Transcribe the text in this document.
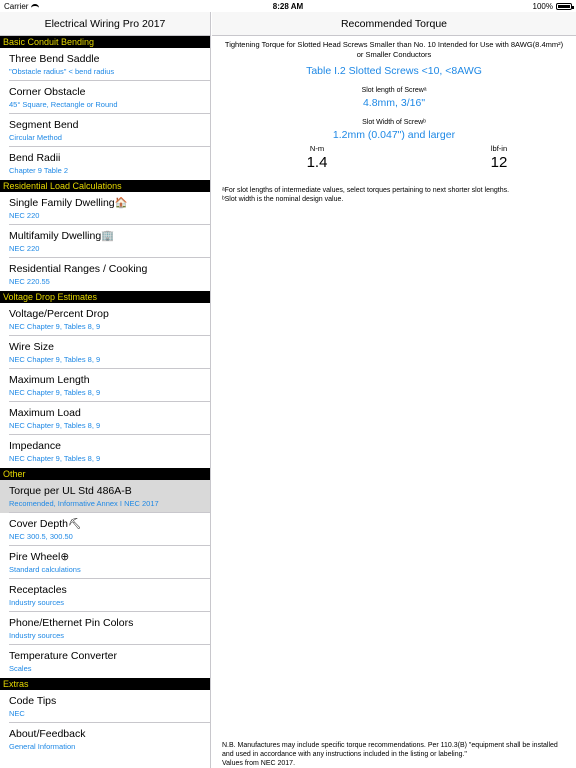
Carrier	8:28 AM	100%
Electrical Wiring Pro 2017
Basic Conduit Bending
Three Bend Saddle
"Obstacle radius" < bend radius
Corner Obstacle
45° Square, Rectangle or Round
Segment Bend
Circular Method
Bend Radii
Chapter 9 Table 2
Residential Load Calculations
Single Family Dwelling🏠
NEC 220
Multifamily Dwelling🏢
NEC 220
Residential Ranges / Cooking
NEC 220.55
Voltage Drop Estimates
Voltage/Percent Drop
NEC Chapter 9, Tables 8, 9
Wire Size
NEC Chapter 9, Tables 8, 9
Maximum Length
NEC Chapter 9, Tables 8, 9
Maximum Load
NEC Chapter 9, Tables 8, 9
Impedance
NEC Chapter 9, Tables 8, 9
Other
Torque per UL Std 486A-B
Recomended, Informative Annex I NEC 2017
Cover Depth⛏
NEC 300.5, 300.50
Pire Wheel⊕
Standard calculations
Receptacles
Industry sources
Phone/Ethernet Pin Colors
Industry sources
Temperature Converter
Scales
Extras
Code Tips
NEC
About/Feedback
General Information
Recommended Torque
Tightening Torque for Slotted Head Screws Smaller than No. 10 Intended for Use with 8AWG(8.4mm²) or Smaller Conductors
Table I.2 Slotted Screws <10, <8AWG
Slot length of Screwᵃ
4.8mm, 3/16"
Slot Width of Screwᵇ
1.2mm (0.047") and larger
N-m
1.4
lbf-in
12
ᵃFor slot lengths of intermediate values, select torques pertaining to next shorter slot lengths.
ᵇSlot width is the nominal design value.
N.B. Manufactures may include specific torque recommendations. Per 110.3(B) "equipment shall be installed and used in accordance with any instructions included in the listing or labeling."
Values from NEC 2017.
